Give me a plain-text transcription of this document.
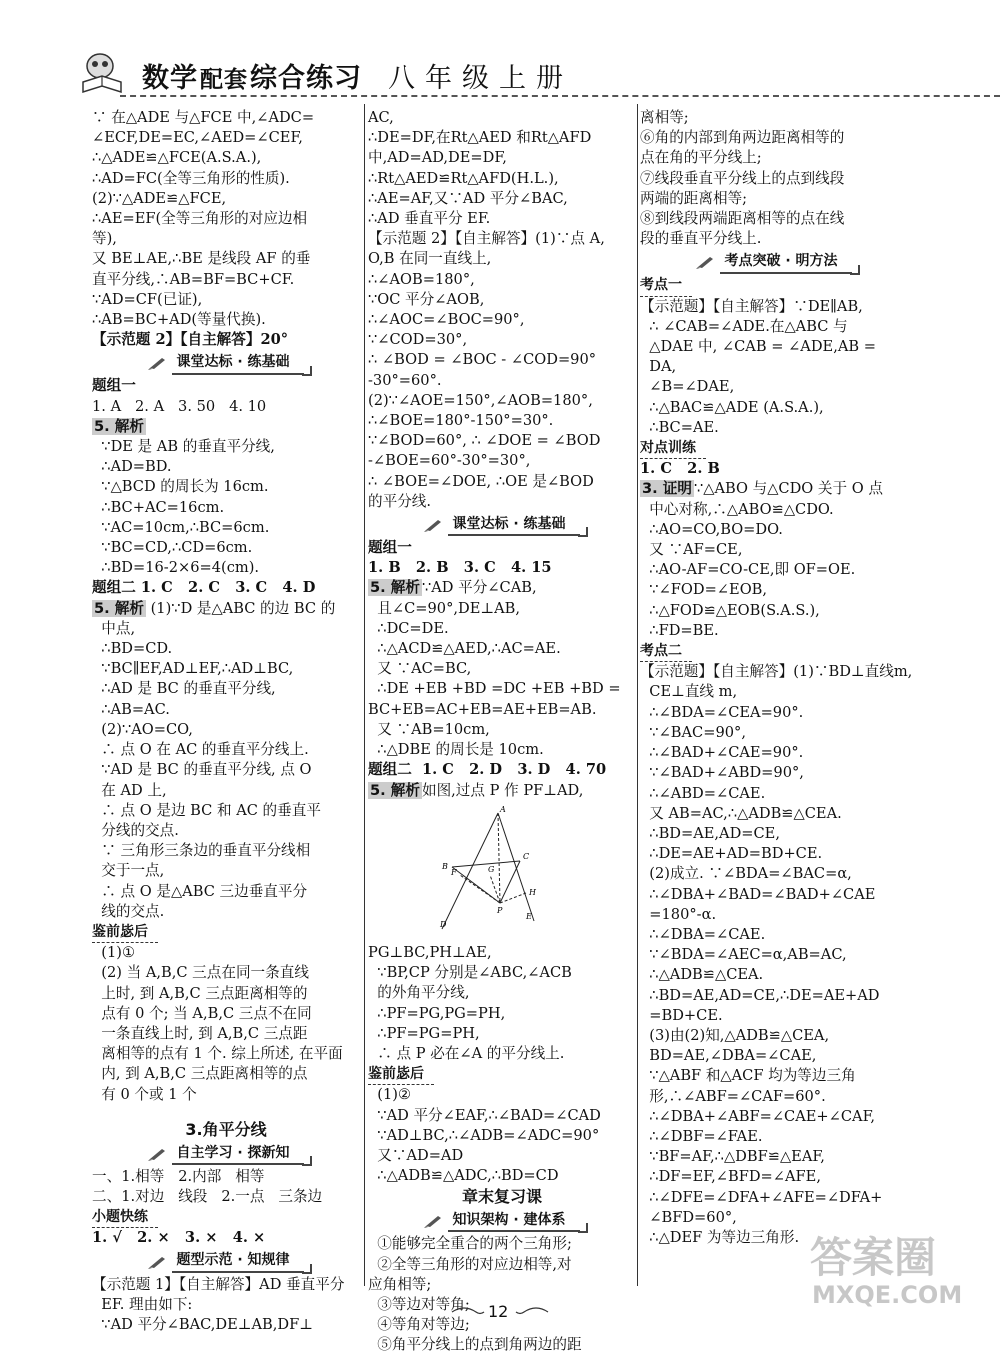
数学配套综合练习 八年级上册
∵ 在△ADE 与△FCE 中,∠ADC=
∠ECF,DE=EC,∠AED=∠CEF,
∴△ADE≌△FCE(A.S.A.),
∴AD=FC(全等三角形的性质).
(2)∵△ADE≌△FCE,
∴AE=EF(全等三角形的对应边相
等),
又 BE⊥AE,∴BE 是线段 AF 的垂
直平分线,∴AB=BF=BC+CF.
∵AD=CF(已证),
∴AB=BC+AD(等量代换).
【示范题 2】【自主解答】20°
课堂达标 · 练基础
题组一
1. A   2. A   3. 50   4. 10
5. 解析
∵DE 是 AB 的垂直平分线,
∴AD=BD.
∵△BCD 的周长为 16cm.
∴BC+AC=16cm.
∵AC=10cm,∴BC=6cm.
∵BC=CD,∴CD=6cm.
∴BD=16-2×6=4(cm).
题组二 1. C   2. C   3. C   4. D
5. 解析 (1)∵D 是△ABC 的边 BC 的
中点,
∴BD=CD.
∵BC∥EF,AD⊥EF,∴AD⊥BC,
∴AD 是 BC 的垂直平分线,
∴AB=AC.
(2)∵AO=CO,
∴ 点 O 在 AC 的垂直平分线上.
∵AD 是 BC 的垂直平分线, 点 O
在 AD 上,
∴ 点 O 是边 BC 和 AC 的垂直平
分线的交点.
∵ 三角形三条边的垂直平分线相
交于一点,
∴ 点 O 是△ABC 三边垂直平分
线的交点.
鉴前毖后
(1)①
(2) 当 A,B,C 三点在同一条直线
上时, 到 A,B,C 三点距离相等的
点有 0 个; 当 A,B,C 三点不在同
一条直线上时, 到 A,B,C 三点距
离相等的点有 1 个. 综上所述, 在平面
内, 到 A,B,C 三点距离相等的点
有 0 个或 1 个
3.角平分线
自主学习 · 探新知
一、1.相等   2.内部   相等
二、1.对边   线段   2.一点   三条边
小题快练
1. √   2. ×   3. ×   4. ×
题型示范 · 知规律
【示范题 1】【自主解答】AD 垂直平分
EF. 理由如下:
∵AD 平分∠BAC,DE⊥AB,DF⊥
AC,
∴DE=DF,在Rt△AED 和Rt△AFD
中,AD=AD,DE=DF,
∴Rt△AED≌Rt△AFD(H.L.),
∴AE=AF,又∵AD 平分∠BAC,
∴AD 垂直平分 EF.
【示范题 2】【自主解答】(1)∵点 A,
O,B 在同一直线上,
∴∠AOB=180°,
∵OC 平分∠AOB,
∴∠AOC=∠BOC=90°,
∵∠COD=30°,
∴ ∠BOD = ∠BOC - ∠COD=90°
-30°=60°.
(2)∵∠AOE=150°,∠AOB=180°,
∴∠BOE=180°-150°=30°.
∵∠BOD=60°, ∴ ∠DOE = ∠BOD
-∠BOE=60°-30°=30°,
∴ ∠BOE=∠DOE, ∴OE 是∠BOD
的平分线.
课堂达标 · 练基础
题组一
1. B   2. B   3. C   4. 15
5. 解析 ∵AD 平分∠CAB,
且∠C=90°,DE⊥AB,
∴DC=DE.
∴△ACD≌△AED,∴AC=AE.
又 ∵AC=BC,
∴DE +EB +BD =DC +EB +BD =
BC+EB=AC+EB=AE+EB=AB.
又 ∵AB=10cm,
∴△DBE 的周长是 10cm.
题组二  1. C   2. D   3. D   4. 70
5. 解析 如图,过点 P 作 PF⊥AD,
B
A
C
D
E
F	G
H
P
PG⊥BC,PH⊥AE,
∵BP,CP 分别是∠ABC,∠ACB
的外角平分线,
∴PF=PG,PG=PH,
∴PF=PG=PH,
∴ 点 P 必在∠A 的平分线上.
鉴前毖后
(1)②
∵AD 平分∠EAF,∴∠BAD=∠CAD
∵AD⊥BC,∴∠ADB=∠ADC=90°
又∵AD=AD
∴△ADB≌△ADC,∴BD=CD
章末复习课
知识架构 · 建体系
①能够完全重合的两个三角形;
②全等三角形的对应边相等,对
应角相等;
③等边对等角;
④等角对等边;
⑤角平分线上的点到角两边的距
离相等;
⑥角的内部到角两边距离相等的
点在角的平分线上;
⑦线段垂直平分线上的点到线段
两端的距离相等;
⑧到线段两端距离相等的点在线
段的垂直平分线上.
考点突破 · 明方法
考点一
【示范题】【自主解答】∵DE∥AB,
∴ ∠CAB=∠ADE.在△ABC 与
△DAE 中, ∠CAB = ∠ADE,AB =
DA,
∠B=∠DAE,
∴△BAC≌△ADE (A.S.A.),
∴BC=AE.
对点训练
1. C   2. B
3. 证明 ∵△ABO 与△CDO 关于 O 点
中心对称,∴△ABO≌△CDO.
∴AO=CO,BO=DO.
又 ∵AF=CE,
∴AO-AF=CO-CE,即 OF=OE.
∵∠FOD=∠EOB,
∴△FOD≌△EOB(S.A.S.),
∴FD=BE.
考点二
【示范题】【自主解答】(1)∵BD⊥直线m,
CE⊥直线 m,
∴∠BDA=∠CEA=90°.
∵∠BAC=90°,
∴∠BAD+∠CAE=90°.
∵∠BAD+∠ABD=90°,
∴∠ABD=∠CAE.
又 AB=AC,∴△ADB≌△CEA.
∴BD=AE,AD=CE,
∴DE=AE+AD=BD+CE.
(2)成立. ∵∠BDA=∠BAC=α,
∴∠DBA+∠BAD=∠BAD+∠CAE
=180°-α.
∴∠DBA=∠CAE.
∵∠BDA=∠AEC=α,AB=AC,
∴△ADB≌△CEA.
∴BD=AE,AD=CE,∴DE=AE+AD
=BD+CE.
(3)由(2)知,△ADB≌△CEA,
BD=AE,∠DBA=∠CAE,
∵△ABF 和△ACF 均为等边三角
形,∴∠ABF=∠CAF=60°.
∴∠DBA+∠ABF=∠CAE+∠CAF,
∴∠DBF=∠FAE.
∵BF=AF,∴△DBF≌△EAF,
∴DF=EF,∠BFD=∠AFE,
∴∠DFE=∠DFA+∠AFE=∠DFA+
∠BFD=60°,
∴△DEF 为等边三角形.
12
答案圈
MXQE.COM
